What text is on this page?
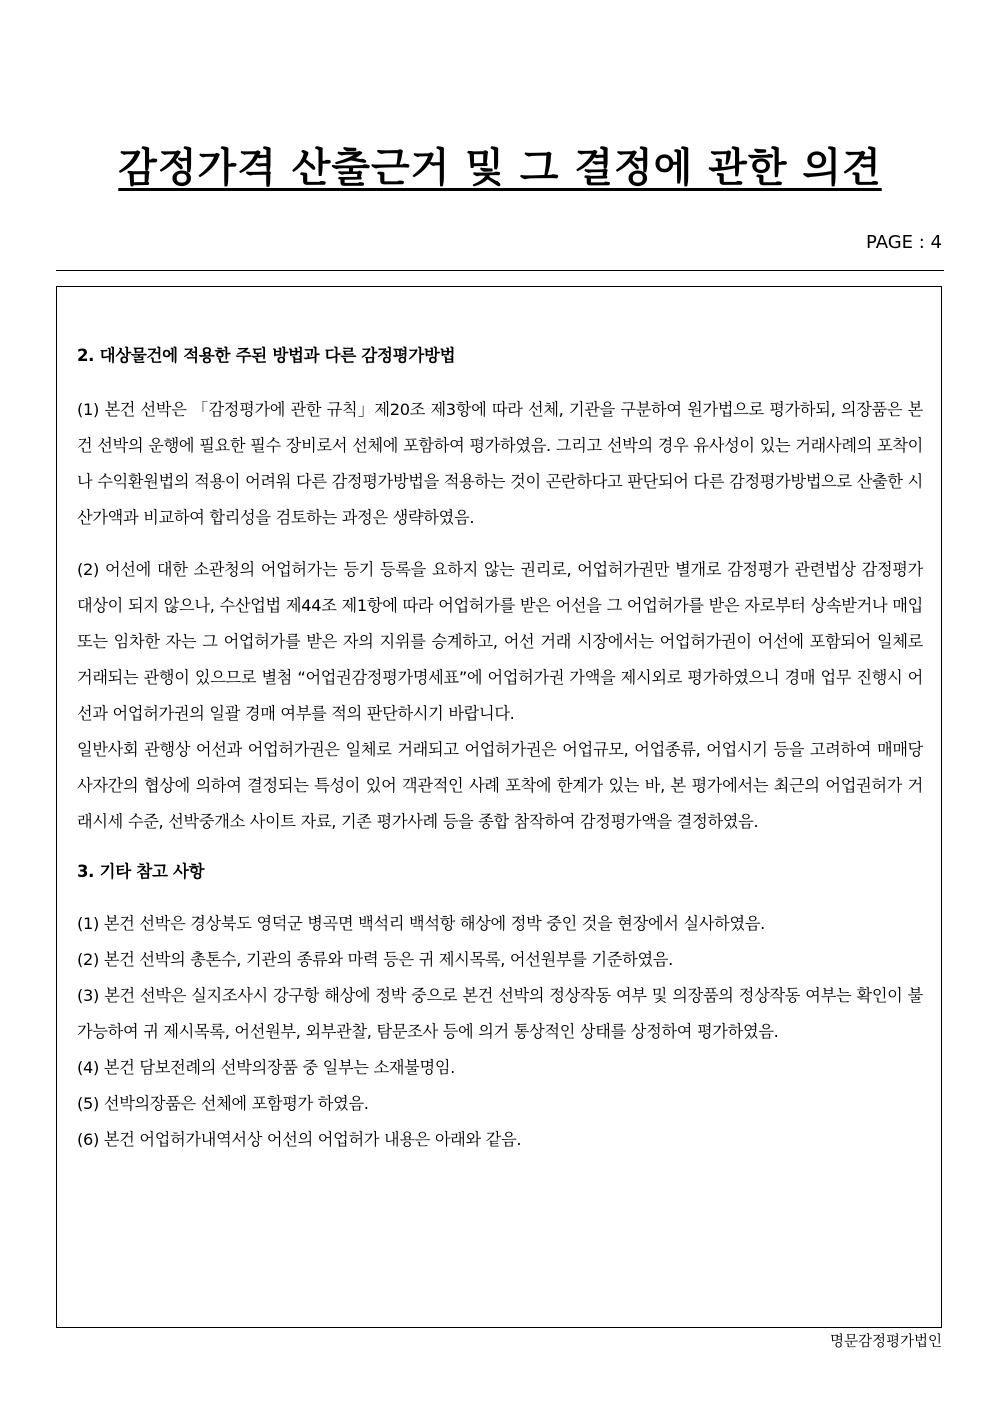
감정가격 산출근거 및 그 결정에 관한 의견
PAGE : 4

2. 대상물건에 적용한 주된 방법과 다른 감정평가방법

(1) 본건 선박은 「감정평가에 관한 규칙」제20조 제3항에 따라 선체, 기관을 구분하여 원가법으로 평가하되, 의장품은 본건 선박의 운행에 필요한 필수 장비로서 선체에 포함하여 평가하였음. 그리고 선박의 경우 유사성이 있는 거래사례의 포착이나 수익환원법의 적용이 어려워 다른 감정평가방법을 적용하는 것이 곤란하다고 판단되어 다른 감정평가방법으로 산출한 시산가액과 비교하여 합리성을 검토하는 과정은 생략하였음.

(2) 어선에 대한 소관청의 어업허가는 등기 등록을 요하지 않는 권리로, 어업허가권만 별개로 감정평가 관련법상 감정평가 대상이 되지 않으나, 수산업법 제44조 제1항에 따라 어업허가를 받은 어선을 그 어업허가를 받은 자로부터 상속받거나 매입 또는 임차한 자는 그 어업허가를 받은 자의 지위를 승계하고, 어선 거래 시장에서는 어업허가권이 어선에 포함되어 일체로 거래되는 관행이 있으므로 별첨 “어업권감정평가명세표”에 어업허가권 가액을 제시외로 평가하였으니 경매 업무 진행시 어선과 어업허가권의 일괄 경매 여부를 적의 판단하시기 바랍니다.

일반사회 관행상 어선과 어업허가권은 일체로 거래되고 어업허가권은 어업규모, 어업종류, 어업시기 등을 고려하여 매매당사자간의 협상에 의하여 결정되는 특성이 있어 객관적인 사례 포착에 한계가 있는 바, 본 평가에서는 최근의 어업권허가 거래시세 수준, 선박중개소 사이트 자료, 기존 평가사례 등을 종합 참작하여 감정평가액을 결정하였음.

3. 기타 참고 사항

(1) 본건 선박은 경상북도 영덕군 병곡면 백석리 백석항 해상에 정박 중인 것을 현장에서 실사하였음.

(2) 본건 선박의 총톤수, 기관의 종류와 마력 등은 귀 제시목록, 어선원부를 기준하였음.

(3) 본건 선박은 실지조사시 강구항 해상에 정박 중으로 본건 선박의 정상작동 여부 및 의장품의 정상작동 여부는 확인이 불가능하여 귀 제시목록, 어선원부, 외부관찰, 탐문조사 등에 의거 통상적인 상태를 상정하여 평가하였음.

(4) 본건 담보전례의 선박의장품 중 일부는 소재불명임.

(5) 선박의장품은 선체에 포함평가 하였음.

(6) 본건 어업허가내역서상 어선의 어업허가 내용은 아래와 같음.

명문감정평가법인
